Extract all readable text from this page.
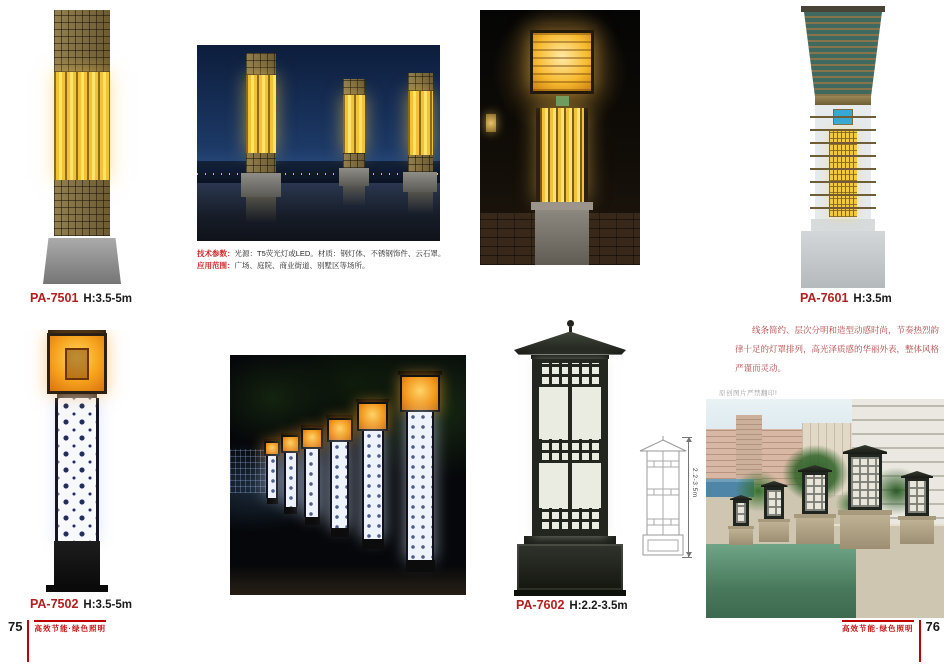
PA-7501 H:3.5-5m
技术参数：光源：T5荧光灯或LED。材质：钢灯体、不锈钢饰件、云石罩。
应用范围：广场、庭院、商业街道、别墅区等场所。
PA-7601 H:3.5m
线条简约、层次分明和造型动感时尚，节奏热烈韵律十足的灯罩排列，高光泽质感的华丽外表，整体风格严谨而灵动。
PA-7502 H:3.5-5m	PA-7602 H:2.2-3.5m
2.2-3.5m
原创图片严禁翻印!
75 高效节能·绿色照明	高效节能·绿色照明 76
